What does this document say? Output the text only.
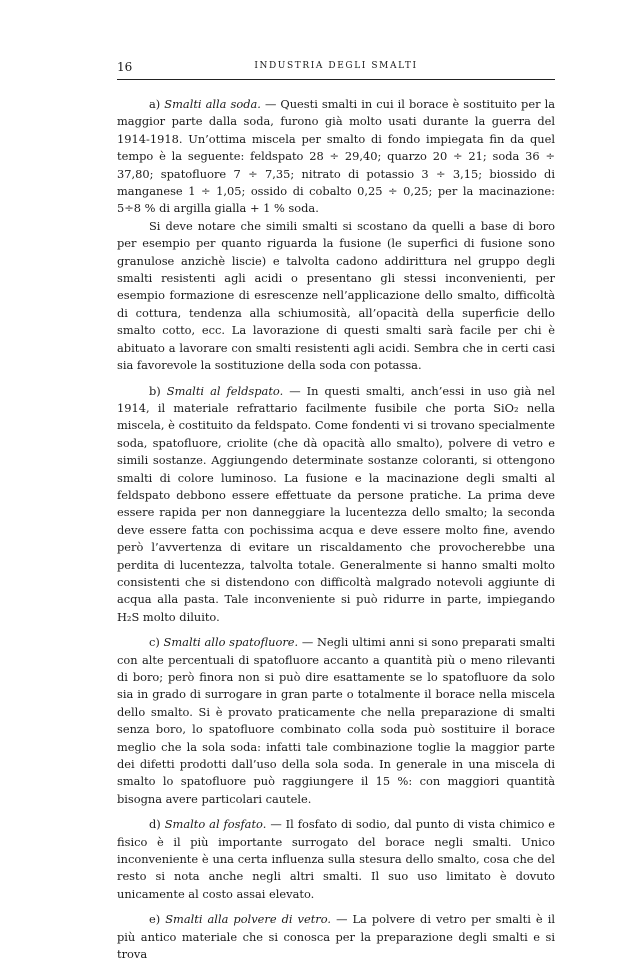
16	INDUSTRIA DEGLI SMALTI

a) Smalti alla soda. — Questi smalti in cui il borace è sostituito per la maggior parte dalla soda, furono già molto usati durante la guerra del 1914-1918. Un’ottima miscela per smalto di fondo impiegata fin da quel tempo è la seguente: feldspato 28 ÷ 29,40; quarzo 20 ÷ 21; soda 36 ÷ 37,80; spatofluore 7 ÷ 7,35; nitrato di potassio 3 ÷ 3,15; biossido di manganese 1 ÷ 1,05; ossido di cobalto 0,25 ÷ 0,25; per la macinazione: 5÷8 % di argilla gialla + 1 % soda.

Si deve notare che simili smalti si scostano da quelli a base di boro per esempio per quanto riguarda la fusione (le superfici di fusione sono granulose anzichè liscie) e talvolta cadono addirittura nel gruppo degli smalti resistenti agli acidi o presentano gli stessi inconvenienti, per esempio formazione di esrescenze nell’applicazione dello smalto, difficoltà di cottura, tendenza alla schiumosità, all’opacità della superficie dello smalto cotto, ecc. La lavorazione di questi smalti sarà facile per chi è abituato a lavorare con smalti resistenti agli acidi. Sembra che in certi casi sia favorevole la sostituzione della soda con potassa.

b) Smalti al feldspato. — In questi smalti, anch’essi in uso già nel 1914, il materiale refrattario facilmente fusibile che porta SiO₂ nella miscela, è costituito da feldspato. Come fondenti vi si trovano specialmente soda, spatofluore, criolite (che dà opacità allo smalto), polvere di vetro e simili sostanze. Aggiungendo determinate sostanze coloranti, si ottengono smalti di colore luminoso. La fusione e la macinazione degli smalti al feldspato debbono essere effettuate da persone pratiche. La prima deve essere rapida per non danneggiare la lucentezza dello smalto; la seconda deve essere fatta con pochissima acqua e deve essere molto fine, avendo però l’avvertenza di evitare un riscaldamento che provocherebbe una perdita di lucentezza, talvolta totale. Generalmente si hanno smalti molto consistenti che si distendono con difficoltà malgrado notevoli aggiunte di acqua alla pasta. Tale inconveniente si può ridurre in parte, impiegando H₂S molto diluito.

c) Smalti allo spatofluore. — Negli ultimi anni si sono preparati smalti con alte percentuali di spatofluore accanto a quantità più o meno rilevanti di boro; però finora non si può dire esattamente se lo spatofluore da solo sia in grado di surrogare in gran parte o totalmente il borace nella miscela dello smalto. Si è provato praticamente che nella preparazione di smalti senza boro, lo spatofluore combinato colla soda può sostituire il borace meglio che la sola soda: infatti tale combinazione toglie la maggior parte dei difetti prodotti dall’uso della sola soda. In generale in una miscela di smalto lo spatofluore può raggiungere il 15 %: con maggiori quantità bisogna avere particolari cautele.

d) Smalto al fosfato. — Il fosfato di sodio, dal punto di vista chimico e fisico è il più importante surrogato del borace negli smalti. Unico inconveniente è una certa influenza sulla stesura dello smalto, cosa che del resto si nota anche negli altri smalti. Il suo uso limitato è dovuto unicamente al costo assai elevato.

e) Smalti alla polvere di vetro. — La polvere di vetro per smalti è il più antico materiale che si conosca per la preparazione degli smalti e si trova
